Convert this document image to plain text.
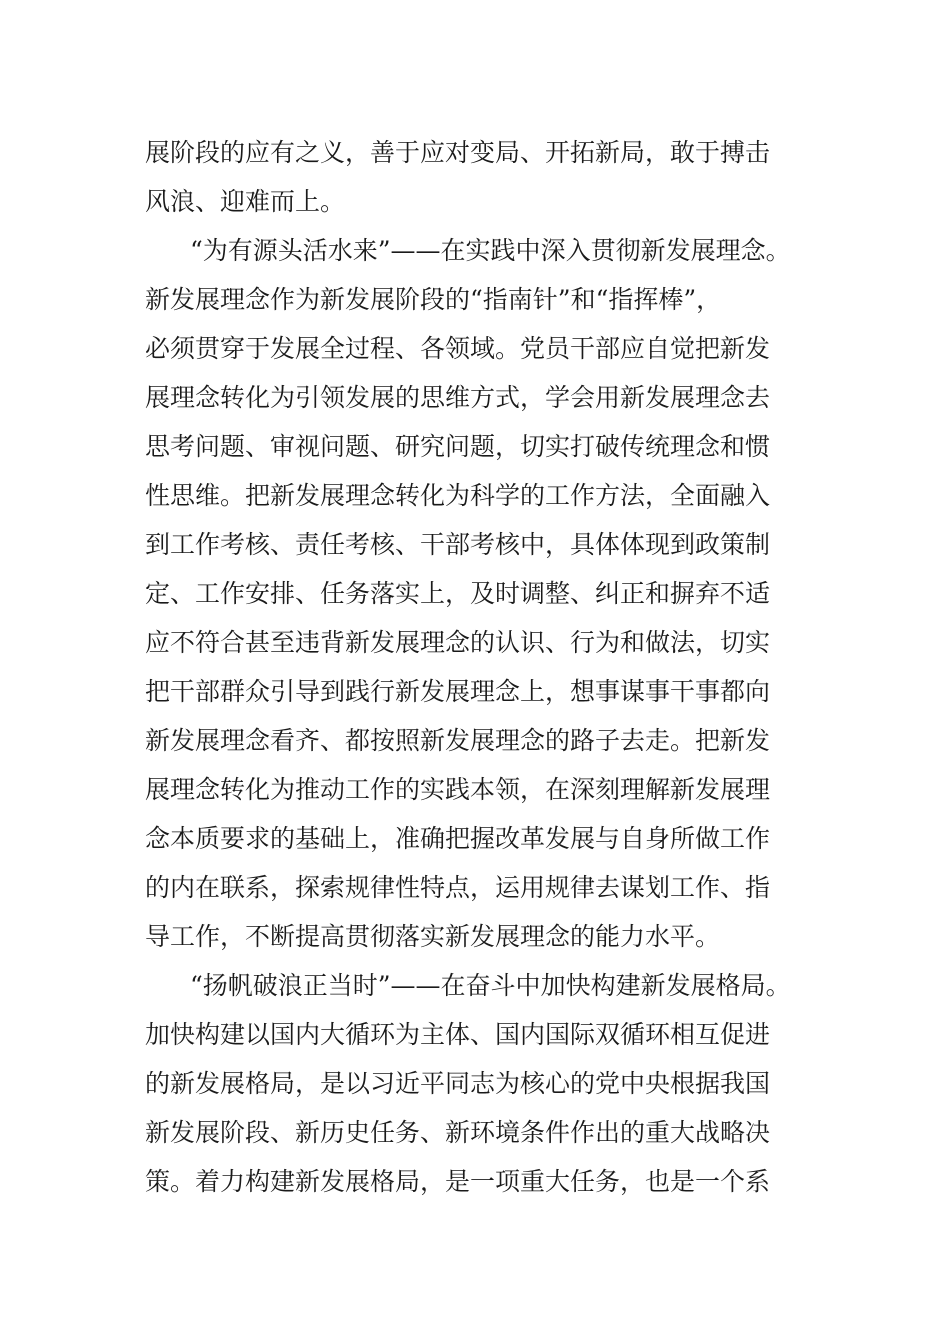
展阶段的应有之义，善于应对变局、开拓新局，敢于搏击
风浪、迎难而上。
“为有源头活水来”——在实践中深入贯彻新发展理念。
新发展理念作为新发展阶段的“指南针”和“指挥棒”，
必须贯穿于发展全过程、各领域。党员干部应自觉把新发
展理念转化为引领发展的思维方式，学会用新发展理念去
思考问题、审视问题、研究问题，切实打破传统理念和惯
性思维。把新发展理念转化为科学的工作方法，全面融入
到工作考核、责任考核、干部考核中，具体体现到政策制
定、工作安排、任务落实上，及时调整、纠正和摒弃不适
应不符合甚至违背新发展理念的认识、行为和做法，切实
把干部群众引导到践行新发展理念上，想事谋事干事都向
新发展理念看齐、都按照新发展理念的路子去走。把新发
展理念转化为推动工作的实践本领，在深刻理解新发展理
念本质要求的基础上，准确把握改革发展与自身所做工作
的内在联系，探索规律性特点，运用规律去谋划工作、指
导工作，不断提高贯彻落实新发展理念的能力水平。
“扬帆破浪正当时”——在奋斗中加快构建新发展格局。
加快构建以国内大循环为主体、国内国际双循环相互促进
的新发展格局，是以习近平同志为核心的党中央根据我国
新发展阶段、新历史任务、新环境条件作出的重大战略决
策。着力构建新发展格局，是一项重大任务，也是一个系
